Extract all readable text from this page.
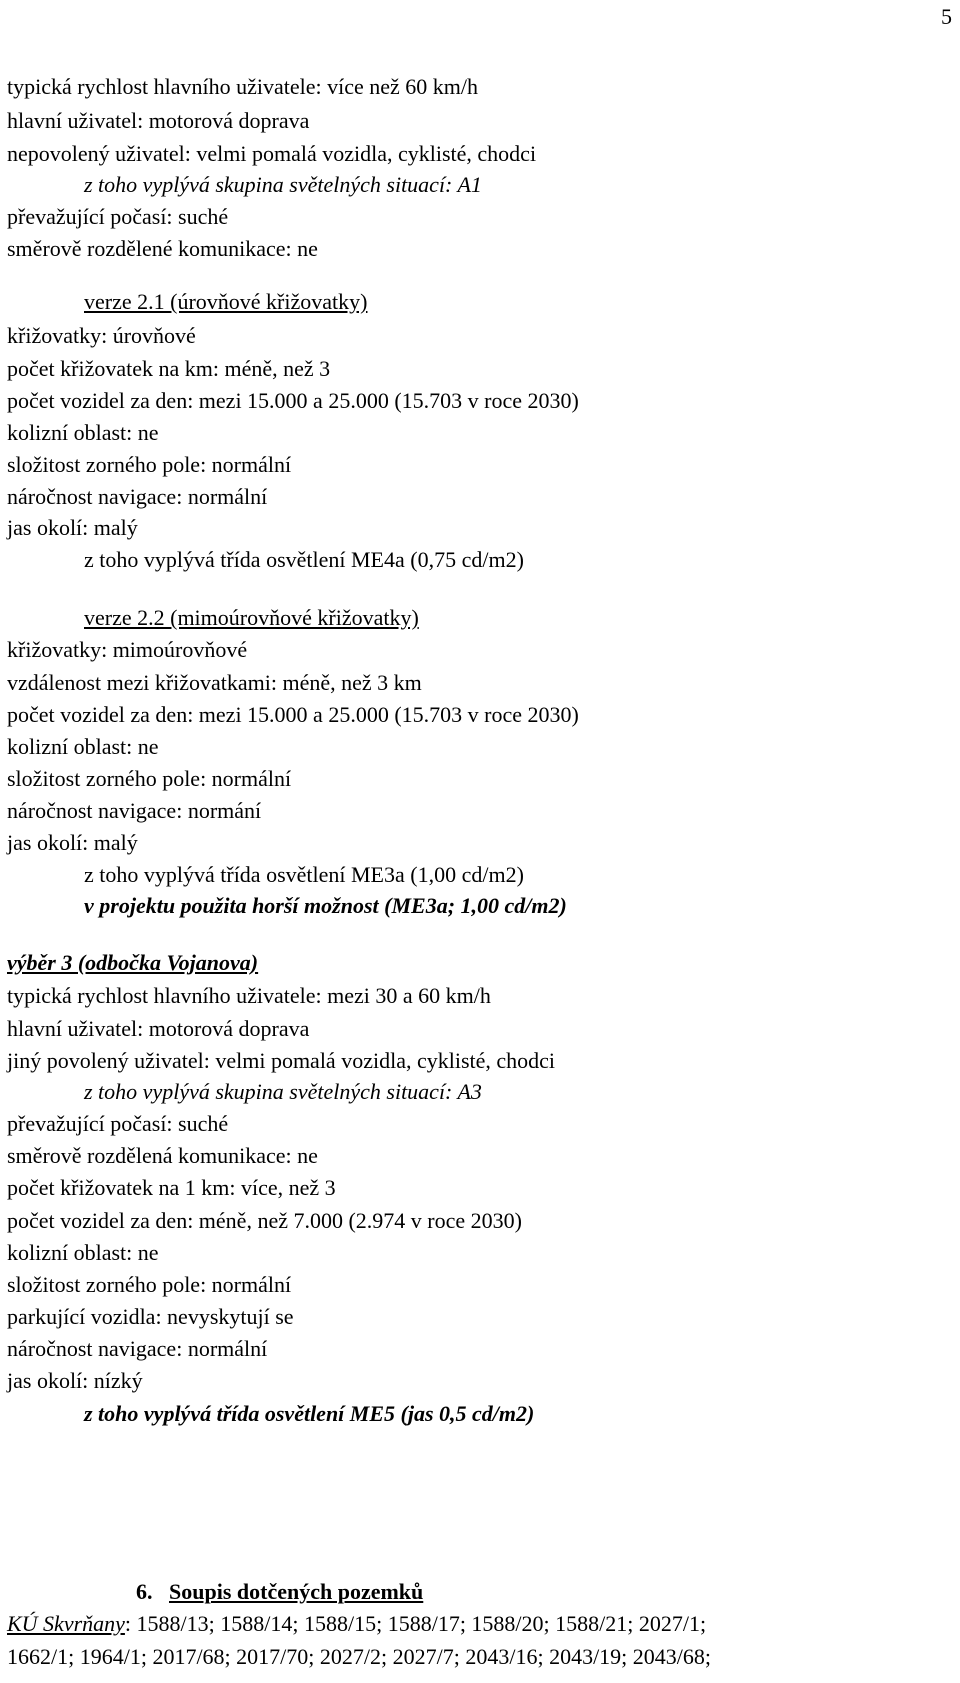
5
typická rychlost hlavního uživatele: více než 60 km/h
hlavní uživatel: motorová doprava
nepovolený uživatel: velmi pomalá vozidla, cyklisté, chodci
z toho vyplývá skupina světelných situací: A1
převažující počasí: suché
směrově rozdělené komunikace: ne
verze 2.1 (úrovňové křižovatky)
křižovatky: úrovňové
počet křižovatek na km: méně, než 3
počet vozidel za den: mezi 15.000 a 25.000 (15.703 v roce 2030)
kolizní oblast: ne
složitost zorného pole: normální
náročnost navigace: normální
jas okolí: malý
z toho vyplývá třída osvětlení ME4a (0,75 cd/m2)
verze 2.2 (mimoúrovňové křižovatky)
křižovatky: mimoúrovňové
vzdálenost mezi křižovatkami: méně, než 3 km
počet vozidel za den: mezi 15.000 a 25.000 (15.703 v roce 2030)
kolizní oblast: ne
složitost zorného pole: normální
náročnost navigace: normání
jas okolí: malý
z toho vyplývá třída osvětlení ME3a (1,00 cd/m2)
v projektu použita horší možnost (ME3a; 1,00 cd/m2)
výběr 3 (odbočka Vojanova)
typická rychlost hlavního uživatele: mezi 30 a 60 km/h
hlavní uživatel: motorová doprava
jiný povolený uživatel: velmi pomalá vozidla, cyklisté, chodci
z toho vyplývá skupina světelných situací: A3
převažující počasí: suché
směrově rozdělená komunikace: ne
počet křižovatek na 1 km: více, než 3
počet vozidel za den: méně, než 7.000 (2.974 v roce 2030)
kolizní oblast: ne
složitost zorného pole: normální
parkující vozidla: nevyskytují se
náročnost navigace: normální
jas okolí: nízký
z toho vyplývá třída osvětlení ME5 (jas 0,5 cd/m2)
6. Soupis dotčených pozemků
KÚ Skvrňany: 1588/13; 1588/14; 1588/15; 1588/17; 1588/20; 1588/21; 2027/1;
1662/1; 1964/1; 2017/68; 2017/70; 2027/2; 2027/7; 2043/16; 2043/19; 2043/68;
